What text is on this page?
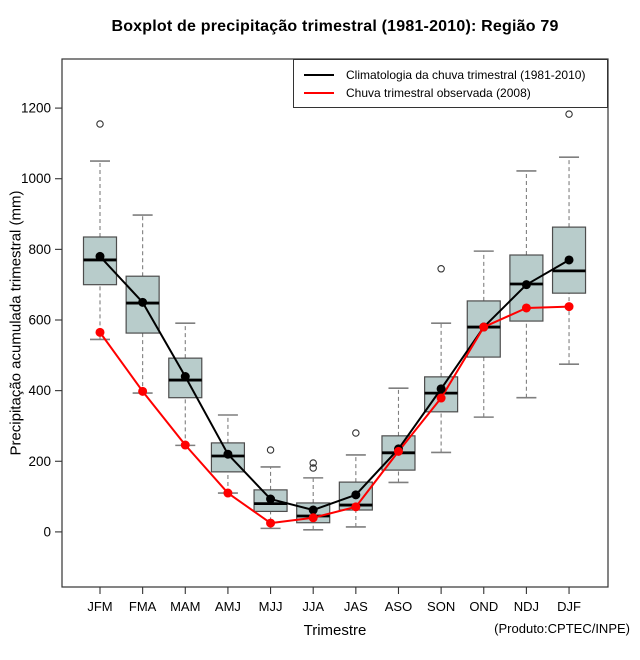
Boxplot de precipitação trimestral (1981-2010): Região 79
0
200
400
600
800
1000
1200
JFM FMA MAM AMJ MJJ JJA JAS ASO SON OND NDJ DJF
Precipitação acumulada trimestral (mm)
Climatologia da chuva trimestral (1981-2010)
Chuva trimestral observada (2008)
Trimestre	(Produto:CPTEC/INPE)
